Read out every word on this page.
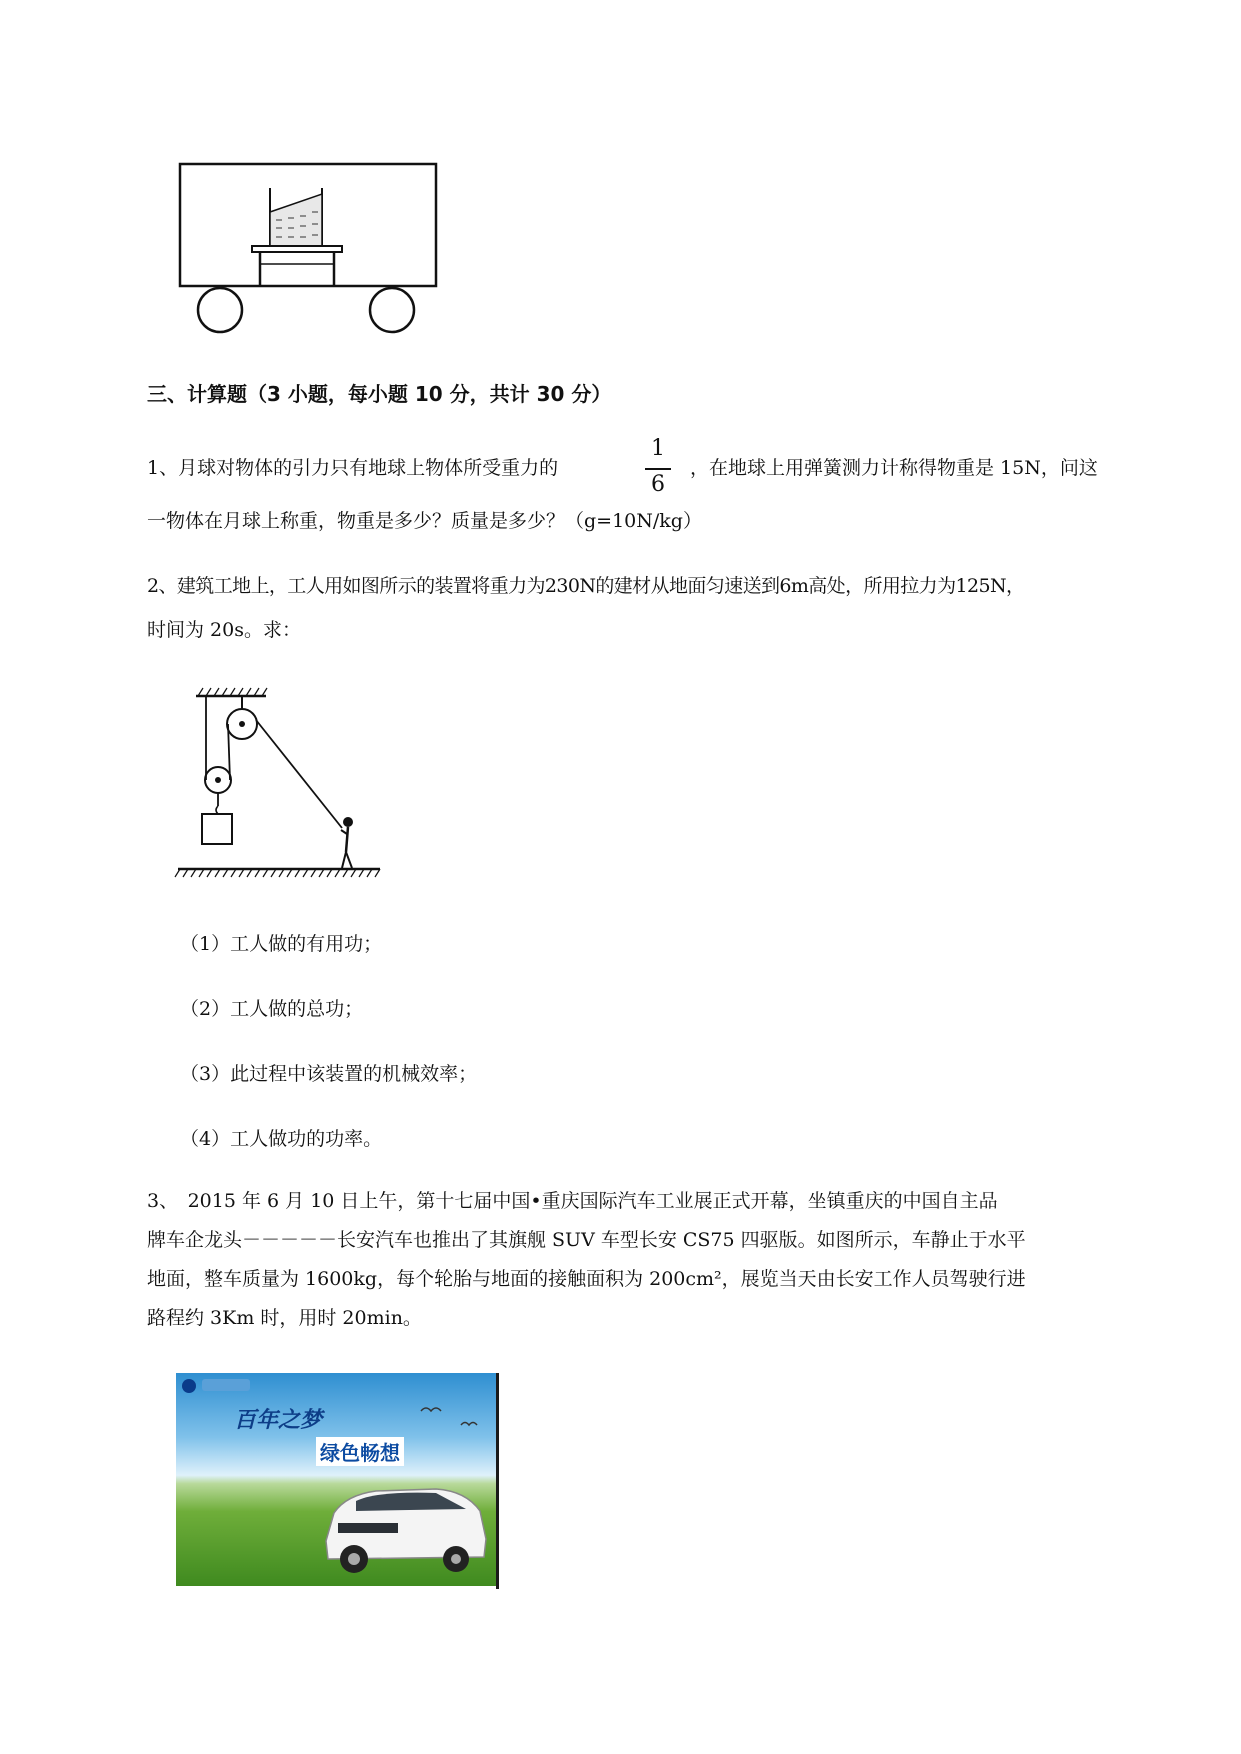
三、计算题（3 小题，每小题 10 分，共计 30 分）
1、月球对物体的引力只有地球上物体所受重力的
1
6
，在地球上用弹簧测力计称得物重是 15N，问这
一物体在月球上称重，物重是多少？质量是多少？（g=10N/kg）
2、建筑工地上，工人用如图所示的装置将重力为230N的建材从地面匀速送到6m高处，所用拉力为125N，
时间为 20s。求：
（1）工人做的有用功；
（2）工人做的总功；
（3）此过程中该装置的机械效率；
（4）工人做功的功率。
3、　2015 年 6 月 10 日上午，第十七届中国•重庆国际汽车工业展正式开幕，坐镇重庆的中国自主品
牌车企龙头－－－－－长安汽车也推出了其旗舰 SUV 车型长安 CS75 四驱版。如图所示，车静止于水平
地面，整车质量为 1600kg，每个轮胎与地面的接触面积为 200cm²，展览当天由长安工作人员驾驶行进
路程约 3Km 时，用时 20min。
百年之梦
绿色畅想
